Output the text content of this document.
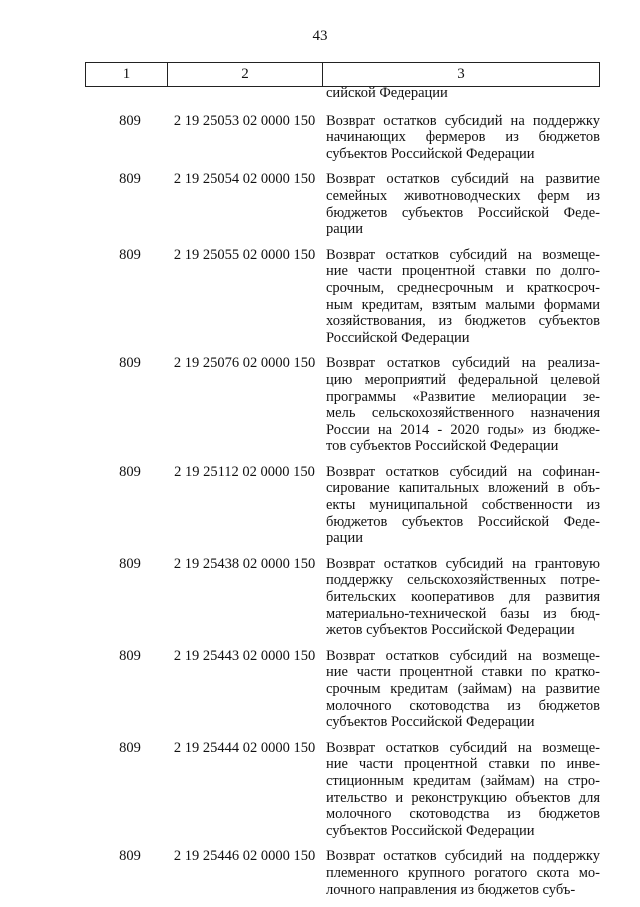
43
1	2	3
сийской Федерации
809	2 19 25053 02 0000 150 Возврат остатков субсидий на поддержку
начинающих фермеров из бюджетов
субъектов Российской Федерации
809	2 19 25054 02 0000 150 Возврат остатков субсидий на развитие
семейных животноводческих ферм из
бюджетов субъектов Российской Феде-
рации
809	2 19 25055 02 0000 150 Возврат остатков субсидий на возмеще-
ние части процентной ставки по долго-
срочным, среднесрочным и краткосроч-
ным кредитам, взятым малыми формами
хозяйствования, из бюджетов субъектов
Российской Федерации
809	2 19 25076 02 0000 150 Возврат остатков субсидий на реализа-
цию мероприятий федеральной целевой
программы «Развитие мелиорации зе-
мель сельскохозяйственного назначения
России на 2014 - 2020 годы» из бюдже-
тов субъектов Российской Федерации
809	2 19 25112 02 0000 150 Возврат остатков субсидий на софинан-
сирование капитальных вложений в объ-
екты муниципальной собственности из
бюджетов субъектов Российской Феде-
рации
809	2 19 25438 02 0000 150 Возврат остатков субсидий на грантовую
поддержку сельскохозяйственных потре-
бительских кооперативов для развития
материально-технической базы из бюд-
жетов субъектов Российской Федерации
809	2 19 25443 02 0000 150 Возврат остатков субсидий на возмеще-
ние части процентной ставки по кратко-
срочным кредитам (займам) на развитие
молочного скотоводства из бюджетов
субъектов Российской Федерации
809	2 19 25444 02 0000 150 Возврат остатков субсидий на возмеще-
ние части процентной ставки по инве-
стиционным кредитам (займам) на стро-
ительство и реконструкцию объектов для
молочного скотоводства из бюджетов
субъектов Российской Федерации
809	2 19 25446 02 0000 150 Возврат остатков субсидий на поддержку
племенного крупного рогатого скота мо-
лочного направления из бюджетов субъ-
